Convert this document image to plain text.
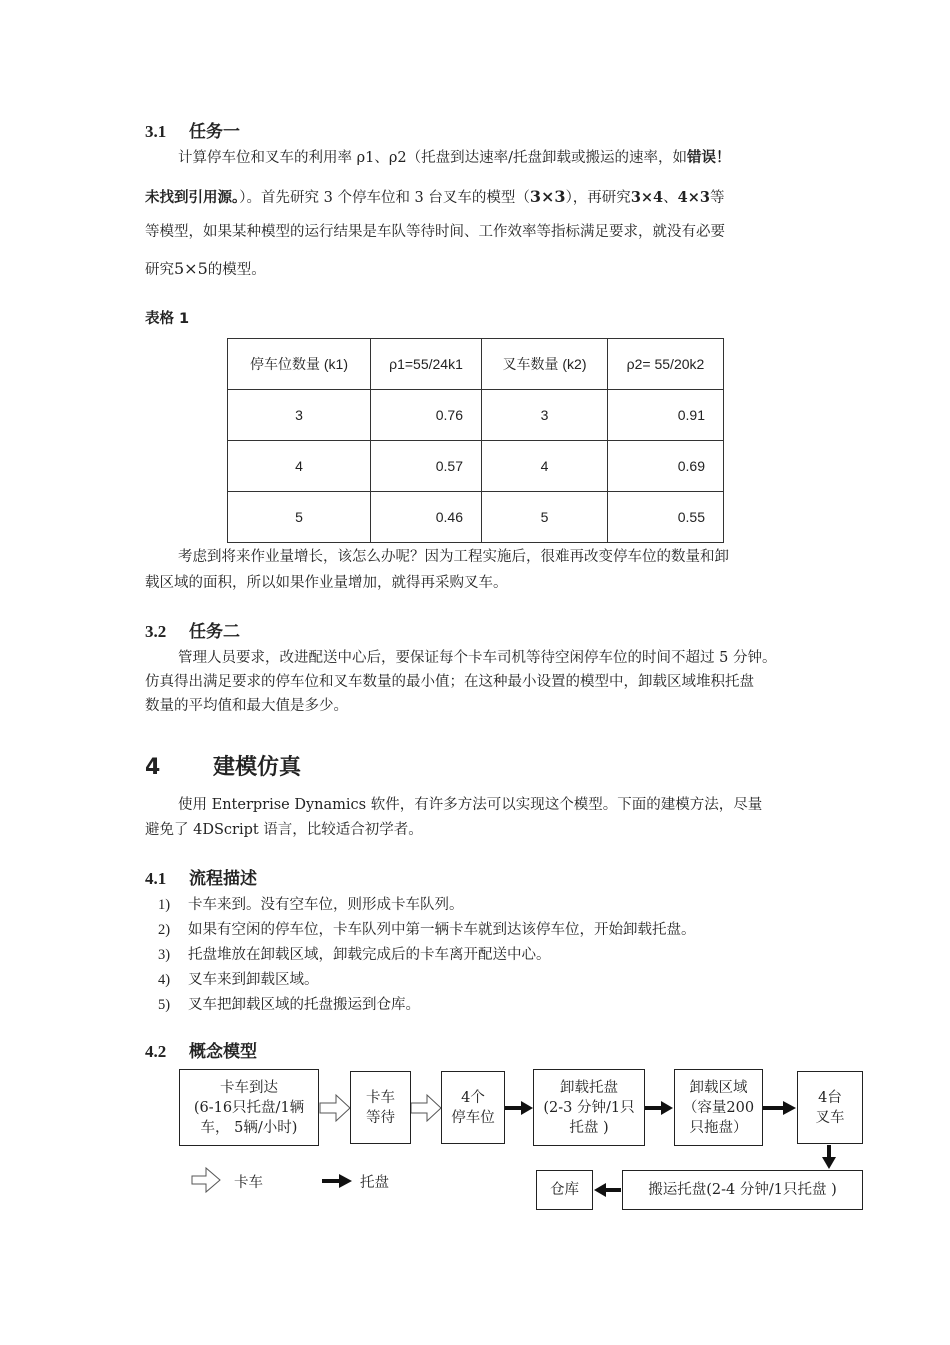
3.1 任务一
计算停车位和叉车的利用率 ρ1、ρ2（托盘到达速率/托盘卸载或搬运的速率，如错误！
未找到引用源。）。首先研究 3 个停车位和 3 台叉车的模型（3×3），再研究3×4、4×3等
等模型，如果某种模型的运行结果是车队等待时间、工作效率等指标满足要求，就没有必要
研究5×5的模型。
表格 1
停车位数量 (k1)	ρ1=55/24k1	叉车数量 (k2)	ρ2= 55/20k2
3	0.76	3	0.91
4	0.57	4	0.69
5	0.46	5	0.55
考虑到将来作业量增长，该怎么办呢？因为工程实施后，很难再改变停车位的数量和卸
载区域的面积，所以如果作业量增加，就得再采购叉车。
3.2 任务二
管理人员要求，改进配送中心后，要保证每个卡车司机等待空闲停车位的时间不超过 5 分钟。
仿真得出满足要求的停车位和叉车数量的最小值；在这种最小设置的模型中，卸载区域堆积托盘
数量的平均值和最大值是多少。
4 建模仿真
使用 Enterprise Dynamics 软件，有许多方法可以实现这个模型。下面的建模方法，尽量
避免了 4DScript 语言，比较适合初学者。
4.1 流程描述
1) 卡车来到。没有空车位，则形成卡车队列。
2) 如果有空闲的停车位，卡车队列中第一辆卡车就到达该停车位，开始卸载托盘。
3) 托盘堆放在卸载区域，卸载完成后的卡车离开配送中心。
4) 叉车来到卸载区域。
5) 叉车把卸载区域的托盘搬运到仓库。
4.2 概念模型
卡车到达
(6-16只托盘/1辆
车， 5辆/小时)
卡车
等待
4个
停车位
卸载托盘
(2-3 分钟/1只
托盘 )
卸载区域
（容量200
只拖盘）
4台
叉车
仓库	搬运托盘(2-4 分钟/1只托盘 )
卡车	托盘
